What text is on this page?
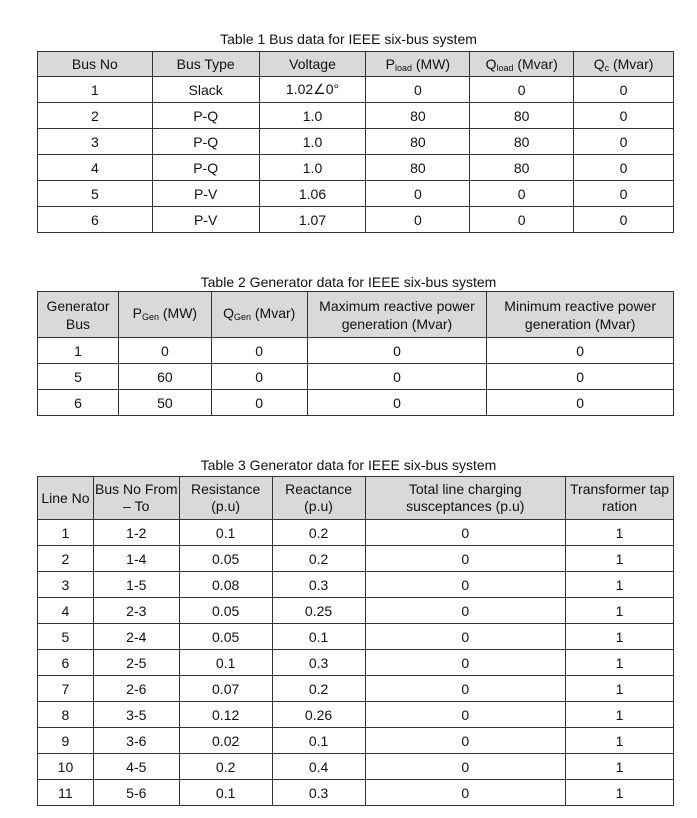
Table 1 Bus data for IEEE six-bus system
Bus No	Bus Type	Voltage	$P_{load}$ (MW)	$Q_{load}$ (Mvar)	$Q_c$ (Mvar)
1	Slack	1.02∠0°	0	0	0
2	P-Q	1.0	80	80	0
3	P-Q	1.0	80	80	0
4	P-Q	1.0	80	80	0
5	P-V	1.06	0	0	0
6	P-V	1.07	0	0	0
Table 2 Generator data for IEEE six-bus system
Generator Bus	$P_{Gen}$ (MW)	$Q_{Gen}$ (Mvar)	Maximum reactive power generation (Mvar)	Minimum reactive power generation (Mvar)
1	0	0	0	0
5	60	0	0	0
6	50	0	0	0
Table 3 Generator data for IEEE six-bus system
Line No	Bus No From – To	Resistance (p.u)	Reactance (p.u)	Total line charging susceptances (p.u)	Transformer tap ration
1	1-2	0.1	0.2	0	1
2	1-4	0.05	0.2	0	1
3	1-5	0.08	0.3	0	1
4	2-3	0.05	0.25	0	1
5	2-4	0.05	0.1	0	1
6	2-5	0.1	0.3	0	1
7	2-6	0.07	0.2	0	1
8	3-5	0.12	0.26	0	1
9	3-6	0.02	0.1	0	1
10	4-5	0.2	0.4	0	1
11	5-6	0.1	0.3	0	1
